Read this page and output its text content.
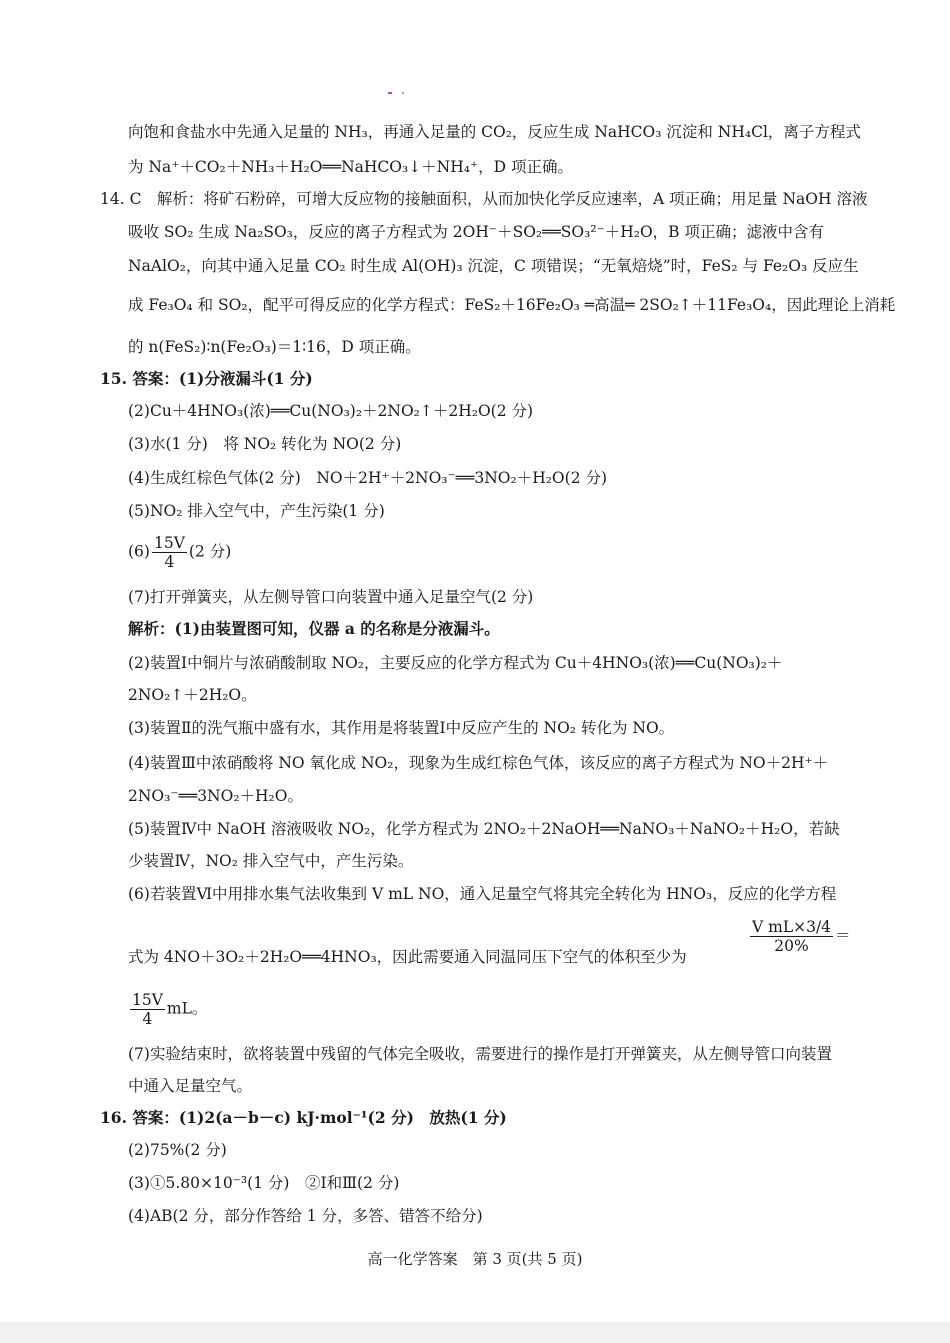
向饱和食盐水中先通入足量的 NH₃，再通入足量的 CO₂，反应生成 NaHCO₃ 沉淀和 NH₄Cl，离子方程式
为 Na⁺＋CO₂＋NH₃＋H₂O══NaHCO₃↓＋NH₄⁺，D 项正确。
14. C　解析：将矿石粉碎，可增大反应物的接触面积，从而加快化学反应速率，A 项正确；用足量 NaOH 溶液
吸收 SO₂ 生成 Na₂SO₃，反应的离子方程式为 2OH⁻＋SO₂══SO₃²⁻＋H₂O，B 项正确；滤液中含有
NaAlO₂，向其中通入足量 CO₂ 时生成 Al(OH)₃ 沉淀，C 项错误；“无氧焙烧”时，FeS₂ 与 Fe₂O₃ 反应生
成 Fe₃O₄ 和 SO₂，配平可得反应的化学方程式：FeS₂＋16Fe₂O₃ ═高温═ 2SO₂↑＋11Fe₃O₄，因此理论上消耗
的 n(FeS₂)∶n(Fe₂O₃)＝1∶16，D 项正确。
15. 答案：(1)分液漏斗(1 分)
(2)Cu＋4HNO₃(浓)══Cu(NO₃)₂＋2NO₂↑＋2H₂O(2 分)
(3)水(1 分)　将 NO₂ 转化为 NO(2 分)
(4)生成红棕色气体(2 分)　NO＋2H⁺＋2NO₃⁻══3NO₂＋H₂O(2 分)
(5)NO₂ 排入空气中，产生污染(1 分)
$(6) \frac{15V}{4} (2$ 分)
(7)打开弹簧夹，从左侧导管口向装置中通入足量空气(2 分)
解析：(1)由装置图可知，仪器 a 的名称是分液漏斗。
(2)装置Ⅰ中铜片与浓硝酸制取 NO₂，主要反应的化学方程式为 Cu＋4HNO₃(浓)══Cu(NO₃)₂＋
2NO₂↑＋2H₂O。
(3)装置Ⅱ的洗气瓶中盛有水，其作用是将装置Ⅰ中反应产生的 NO₂ 转化为 NO。
(4)装置Ⅲ中浓硝酸将 NO 氧化成 NO₂，现象为生成红棕色气体，该反应的离子方程式为 NO＋2H⁺＋
2NO₃⁻══3NO₂＋H₂O。
(5)装置Ⅳ中 NaOH 溶液吸收 NO₂，化学方程式为 2NO₂＋2NaOH══NaNO₃＋NaNO₂＋H₂O，若缺
少装置Ⅳ，NO₂ 排入空气中，产生污染。
(6)若装置Ⅵ中用排水集气法收集到 V mL NO，通入足量空气将其完全转化为 HNO₃，反应的化学方程
式为 4NO＋3O₂＋2H₂O══4HNO₃，因此需要通入同温同压下空气的体积至少为
$\frac{\text{V mL×3/4}}{20\%}$ ＝
$\frac{15V}{4}$ mL。
(7)实验结束时，欲将装置中残留的气体完全吸收，需要进行的操作是打开弹簧夹，从左侧导管口向装置
中通入足量空气。
16. 答案：(1)2(a－b－c) kJ·mol⁻¹(2 分)　放热(1 分)
(2)75%(2 分)
(3)①5.80×10⁻³(1 分)　②Ⅰ和Ⅲ(2 分)
(4)AB(2 分，部分作答给 1 分，多答、错答不给分)
高一化学答案　第 3 页(共 5 页)
